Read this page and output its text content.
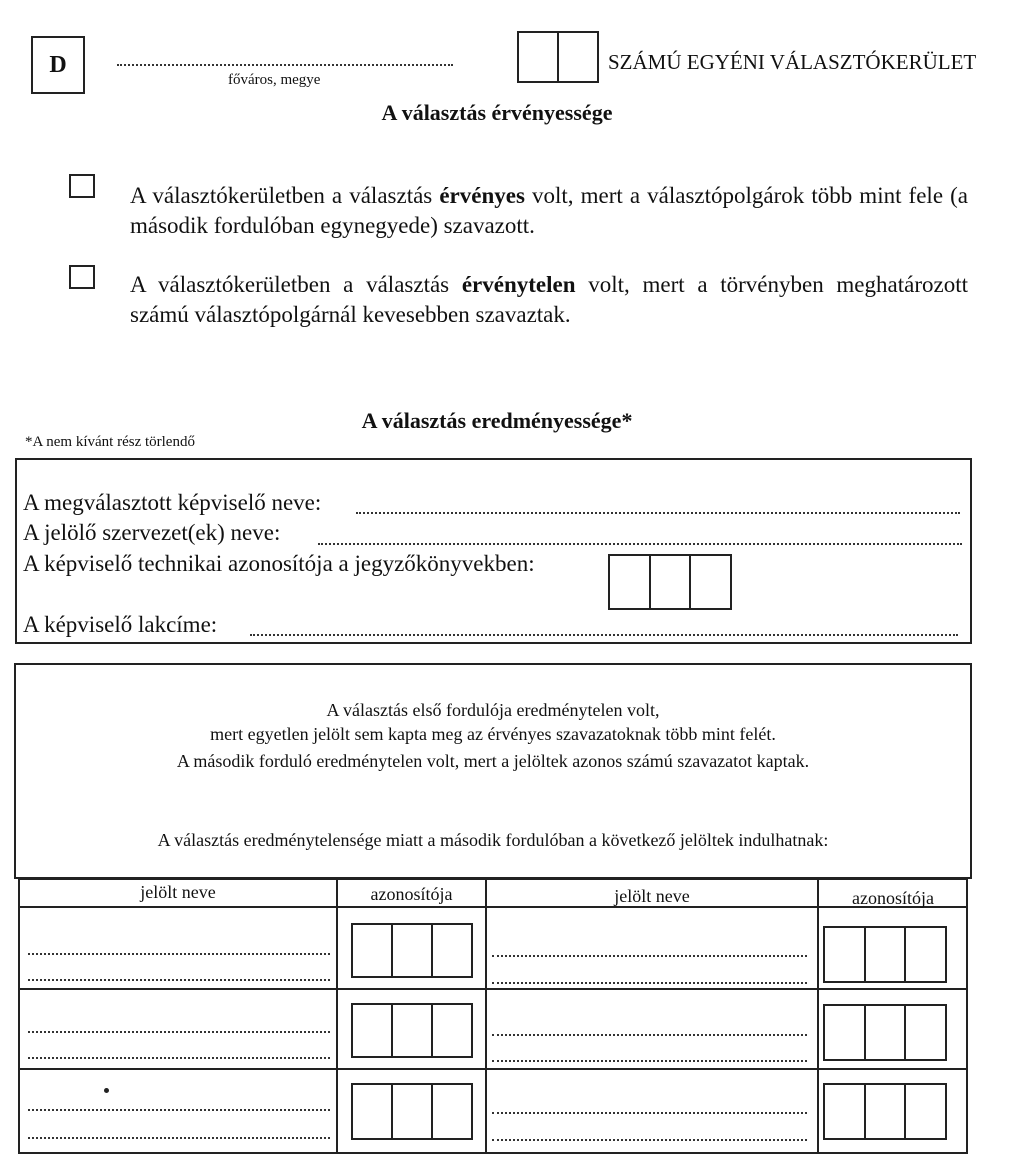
D
főváros, megye
SZÁMÚ EGYÉNI VÁLASZTÓKERÜLET
A választás érvényessége
A választókerületben a választás érvényes volt, mert a választópolgárok több mint fele (a második fordulóban egynegyede) szavazott.
A választókerületben a választás érvénytelen volt, mert a törvényben meghatározott számú választópolgárnál kevesebben szavaztak.
A választás eredményessége*
*A nem kívánt rész törlendő
A megválasztott képviselő neve:
A jelölő szervezet(ek) neve:
A képviselő technikai azonosítója a jegyzőkönyvekben:
A képviselő lakcíme:
A választás első fordulója eredménytelen volt,
mert egyetlen jelölt sem kapta meg az érvényes szavazatoknak több mint felét.
A második forduló eredménytelen volt, mert a jelöltek azonos számú szavazatot kaptak.
A választás eredménytelensége miatt a második fordulóban a következő jelöltek indulhatnak:
jelölt neve	azonosítója	jelölt neve	azonosítója
